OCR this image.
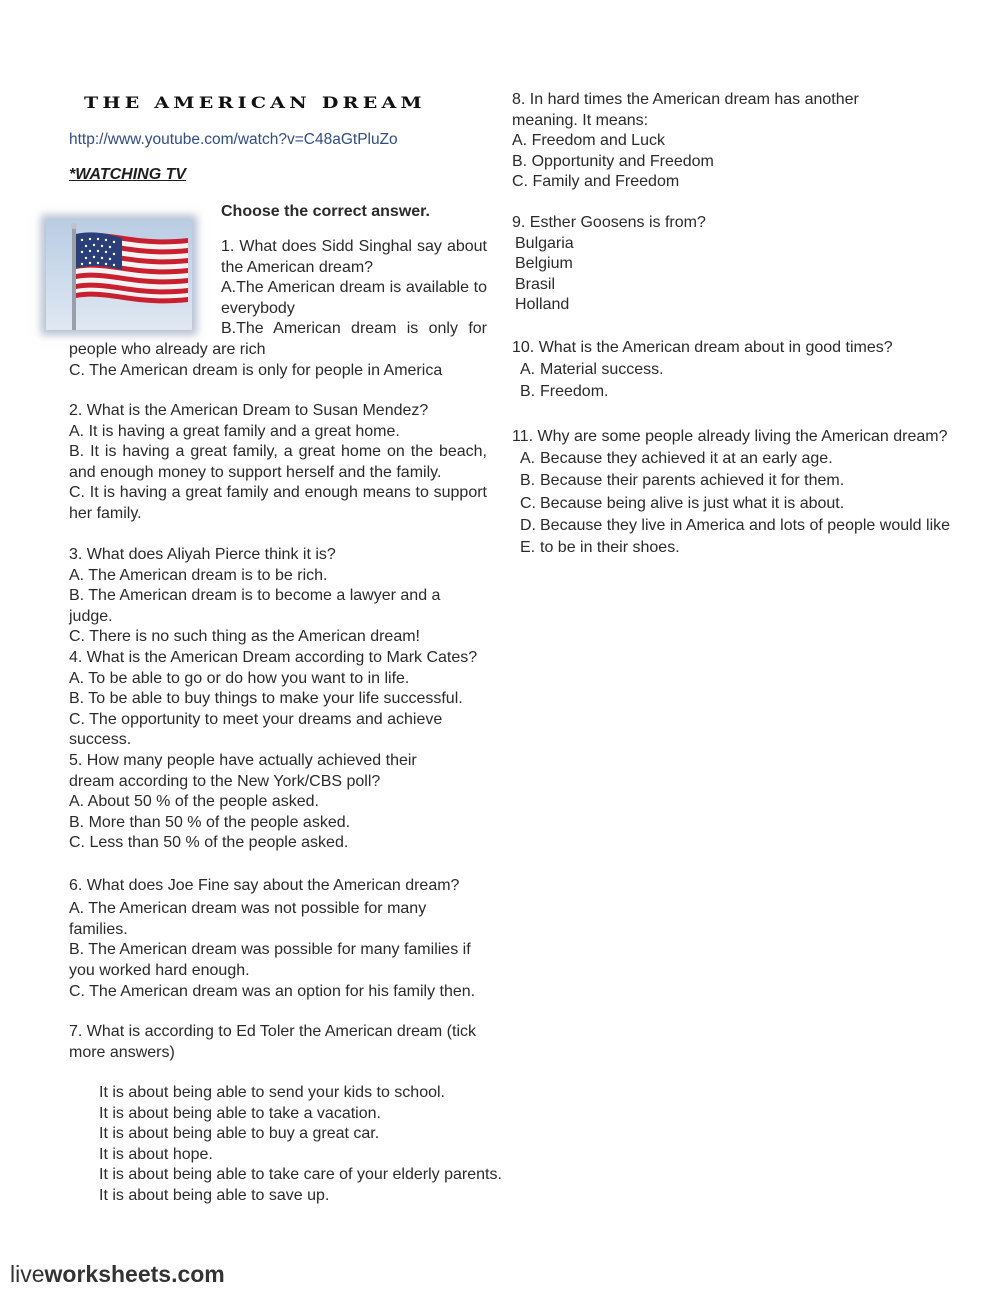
THE AMERICAN DREAM
http://www.youtube.com/watch?v=C48aGtPluZo
*WATCHING TV
Choose the correct answer.

1. What does Sidd Singhal say about the American dream?

A.The American dream is available to everybody

B.The American dream is only for

people who already are rich

C. The American dream is only for people in America

2. What is the American Dream to Susan Mendez?

A. It is having a great family and a great home.

B. It is having a great family, a great home on the beach, and enough money to support herself and the family.

C. It is having a great family and enough means to support her family.

3. What does Aliyah Pierce think it is?

A. The American dream is to be rich.

B. The American dream is to become a lawyer and a judge.

C. There is no such thing as the American dream!

4. What is the American Dream according to Mark Cates?

A. To be able to go or do how you want to in life.

B. To be able to buy things to make your life successful.

C. The opportunity to meet your dreams and achieve success.

5. How many people have actually achieved their dream according to the New York/CBS poll?

A. About 50 % of the people asked.

B. More than 50 % of the people asked.

C. Less than 50 % of the people asked.

6. What does Joe Fine say about the American dream?

A. The American dream was not possible for many families.

B. The American dream was possible for many families if you worked hard enough.

C. The American dream was an option for his family then.

7. What is according to Ed Toler the American dream (tick more answers)

It is about being able to send your kids to school.

It is about being able to take a vacation.

It is about being able to buy a great car.

It is about hope.

It is about being able to take care of your elderly parents.

It is about being able to save up.

8. In hard times the American dream has another meaning. It means:

A. Freedom and Luck

B. Opportunity and Freedom

C. Family and Freedom

9. Esther Goosens is from?

Bulgaria

Belgium

Brasil

Holland

10. What is the American dream about in good times?

A. Material success.
B. Freedom.

11. Why are some people already living the American dream?

A. Because they achieved it at an early age.
B. Because their parents achieved it for them.
C. Because being alive is just what it is about.
D. Because they live in America and lots of people would like
E. to be in their shoes.
liveworksheets.com
